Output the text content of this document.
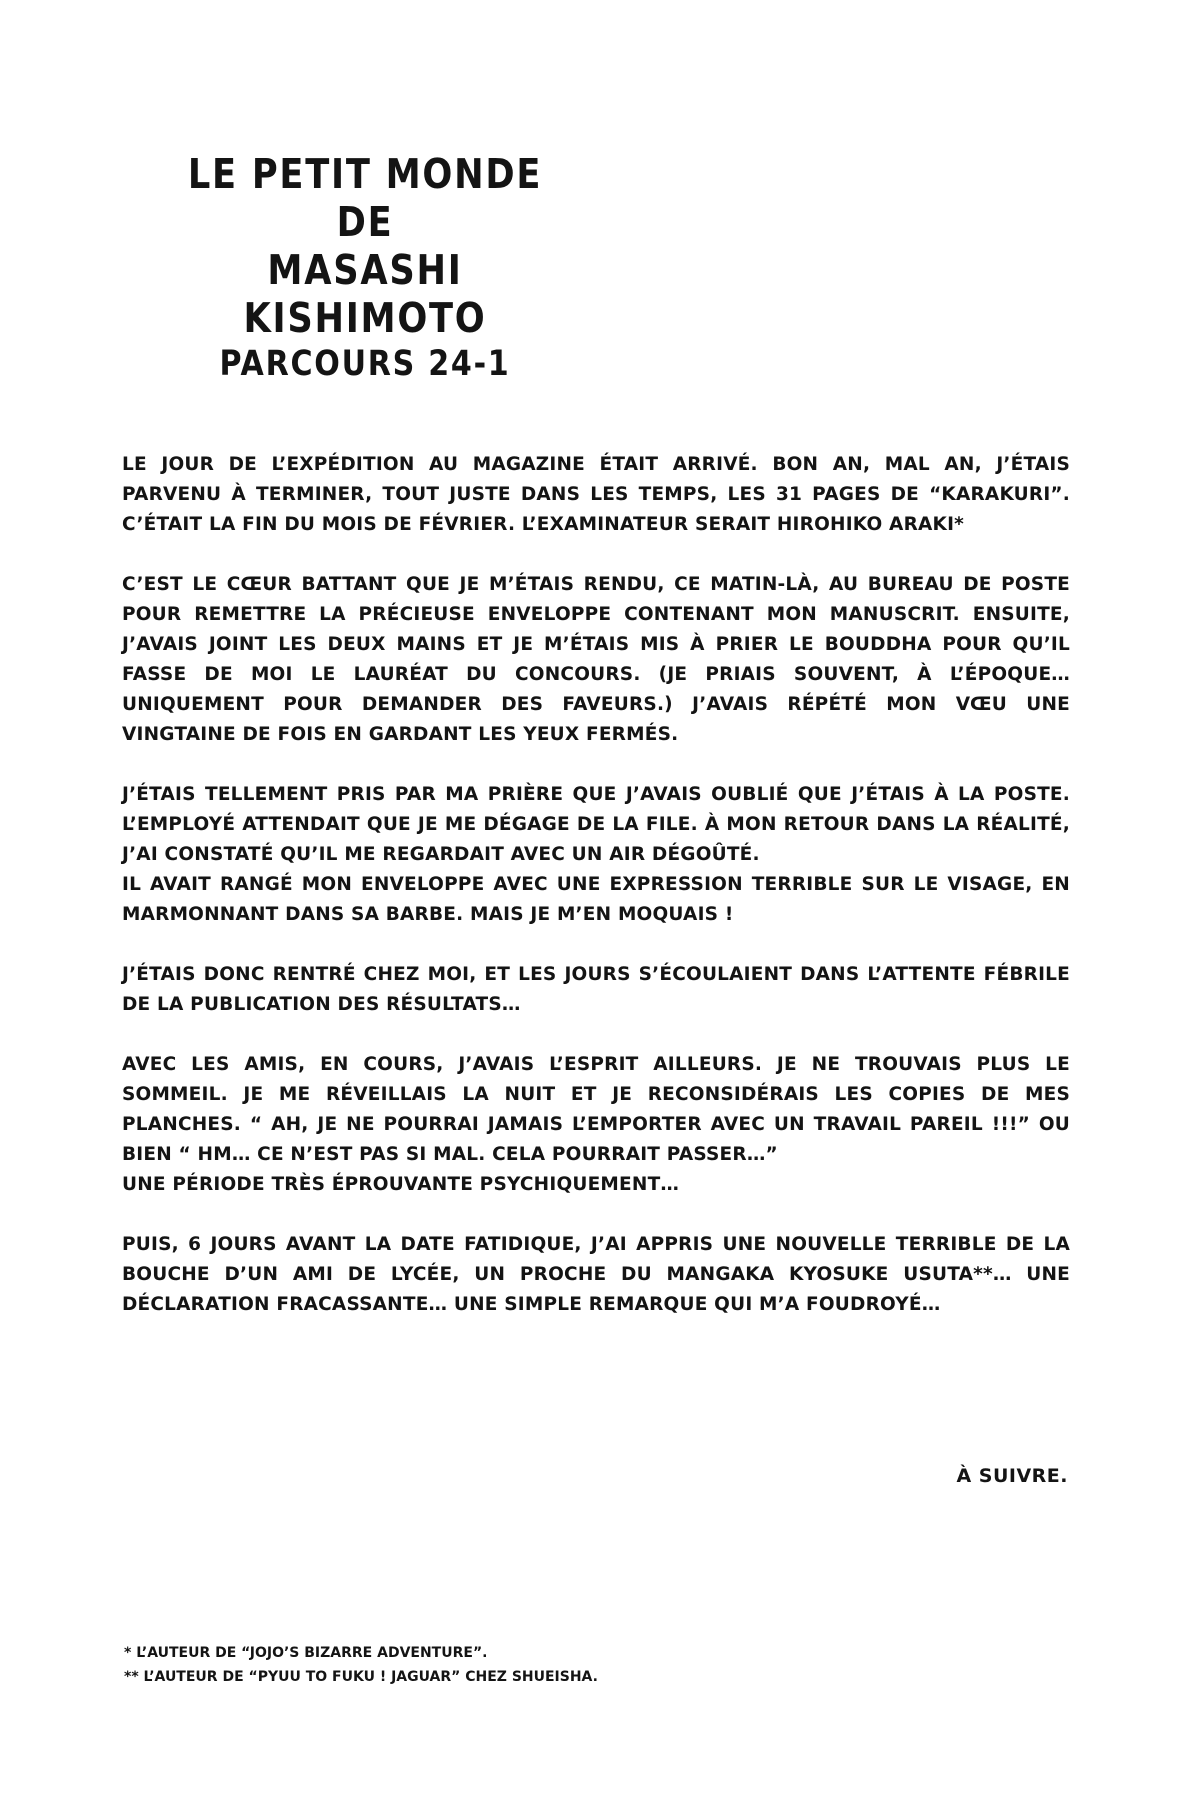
LE PETIT MONDE DE
MASASHI KISHIMOTO
PARCOURS 24-1

LE JOUR DE L’EXPÉDITION AU MAGAZINE ÉTAIT ARRIVÉ. BON AN, MAL AN, J’ÉTAIS PARVENU À TERMINER, TOUT JUSTE DANS LES TEMPS, LES 31 PAGES DE “KARAKURI”. C’ÉTAIT LA FIN DU MOIS DE FÉVRIER. L’EXAMINATEUR SERAIT HIROHIKO ARAKI*

C’EST LE CŒUR BATTANT QUE JE M’ÉTAIS RENDU, CE MATIN-LÀ, AU BUREAU DE POSTE POUR REMETTRE LA PRÉCIEUSE ENVELOPPE CONTENANT MON MANUSCRIT. ENSUITE, J’AVAIS JOINT LES DEUX MAINS ET JE M’ÉTAIS MIS À PRIER LE BOUDDHA POUR QU’IL FASSE DE MOI LE LAURÉAT DU CONCOURS. (JE PRIAIS SOUVENT, À L’ÉPOQUE… UNIQUEMENT POUR DEMANDER DES FAVEURS.) J’AVAIS RÉPÉTÉ MON VŒU UNE VINGTAINE DE FOIS EN GARDANT LES YEUX FERMÉS.

J’ÉTAIS TELLEMENT PRIS PAR MA PRIÈRE QUE J’AVAIS OUBLIÉ QUE J’ÉTAIS À LA POSTE. L’EMPLOYÉ ATTENDAIT QUE JE ME DÉGAGE DE LA FILE. À MON RETOUR DANS LA RÉALITÉ, J’AI CONSTATÉ QU’IL ME REGARDAIT AVEC UN AIR DÉGOÛTÉ.
IL AVAIT RANGÉ MON ENVELOPPE AVEC UNE EXPRESSION TERRIBLE SUR LE VISAGE, EN MARMONNANT DANS SA BARBE. MAIS JE M’EN MOQUAIS !

J’ÉTAIS DONC RENTRÉ CHEZ MOI, ET LES JOURS S’ÉCOULAIENT DANS L’ATTENTE FÉBRILE DE LA PUBLICATION DES RÉSULTATS…

AVEC LES AMIS, EN COURS, J’AVAIS L’ESPRIT AILLEURS. JE NE TROUVAIS PLUS LE SOMMEIL. JE ME RÉVEILLAIS LA NUIT ET JE RECONSIDÉRAIS LES COPIES DE MES PLANCHES. “ AH, JE NE POURRAI JAMAIS L’EMPORTER AVEC UN TRAVAIL PAREIL !!!” OU BIEN “ HM… CE N’EST PAS SI MAL. CELA POURRAIT PASSER…”
UNE PÉRIODE TRÈS ÉPROUVANTE PSYCHIQUEMENT…

PUIS, 6 JOURS AVANT LA DATE FATIDIQUE, J’AI APPRIS UNE NOUVELLE TERRIBLE DE LA BOUCHE D’UN AMI DE LYCÉE, UN PROCHE DU MANGAKA KYOSUKE USUTA**… UNE DÉCLARATION FRACASSANTE… UNE SIMPLE REMARQUE QUI M’A FOUDROYÉ…

À SUIVRE.

* L’AUTEUR DE “JOJO’S BIZARRE ADVENTURE”.

** L’AUTEUR DE “PYUU TO FUKU ! JAGUAR” CHEZ SHUEISHA.
